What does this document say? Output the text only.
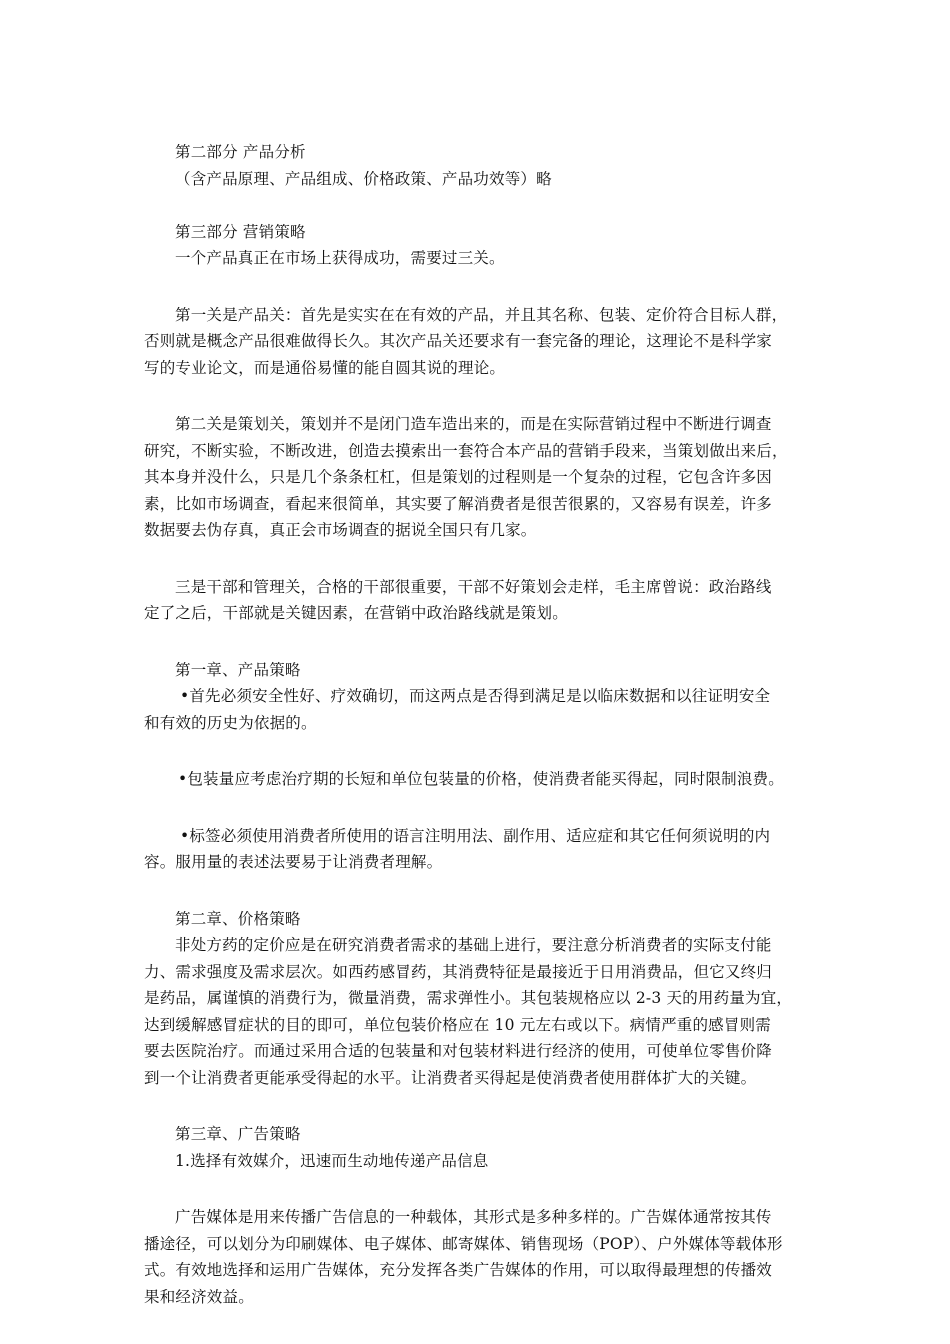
第二部分 产品分析

（含产品原理、产品组成、价格政策、产品功效等）略

第三部分 营销策略

一个产品真正在市场上获得成功，需要过三关。

第一关是产品关：首先是实实在在有效的产品，并且其名称、包装、定价符合目标人群，

否则就是概念产品很难做得长久。其次产品关还要求有一套完备的理论，这理论不是科学家

写的专业论文，而是通俗易懂的能自圆其说的理论。

第二关是策划关，策划并不是闭门造车造出来的，而是在实际营销过程中不断进行调查

研究，不断实验，不断改进，创造去摸索出一套符合本产品的营销手段来，当策划做出来后，

其本身并没什么，只是几个条条杠杠，但是策划的过程则是一个复杂的过程，它包含许多因

素，比如市场调查，看起来很简单，其实要了解消费者是很苦很累的，又容易有误差，许多

数据要去伪存真，真正会市场调查的据说全国只有几家。

三是干部和管理关，合格的干部很重要，干部不好策划会走样，毛主席曾说：政治路线

定了之后，干部就是关键因素，在营销中政治路线就是策划。

第一章、产品策略

•首先必须安全性好、疗效确切，而这两点是否得到满足是以临床数据和以往证明安全

和有效的历史为依据的。

•包装量应考虑治疗期的长短和单位包装量的价格，使消费者能买得起，同时限制浪费。

•标签必须使用消费者所使用的语言注明用法、副作用、适应症和其它任何须说明的内

容。服用量的表述法要易于让消费者理解。

第二章、价格策略

非处方药的定价应是在研究消费者需求的基础上进行，要注意分析消费者的实际支付能

力、需求强度及需求层次。如西药感冒药，其消费特征是最接近于日用消费品，但它又终归

是药品，属谨慎的消费行为，微量消费，需求弹性小。其包装规格应以 2-3 天的用药量为宜，

达到缓解感冒症状的目的即可，单位包装价格应在 10 元左右或以下。病情严重的感冒则需

要去医院治疗。而通过采用合适的包装量和对包装材料进行经济的使用，可使单位零售价降

到一个让消费者更能承受得起的水平。让消费者买得起是使消费者使用群体扩大的关键。

第三章、广告策略

1.选择有效媒介，迅速而生动地传递产品信息

广告媒体是用来传播广告信息的一种载体，其形式是多种多样的。广告媒体通常按其传

播途径，可以划分为印刷媒体、电子媒体、邮寄媒体、销售现场（POP）、户外媒体等载体形

式。有效地选择和运用广告媒体，充分发挥各类广告媒体的作用，可以取得最理想的传播效

果和经济效益。
